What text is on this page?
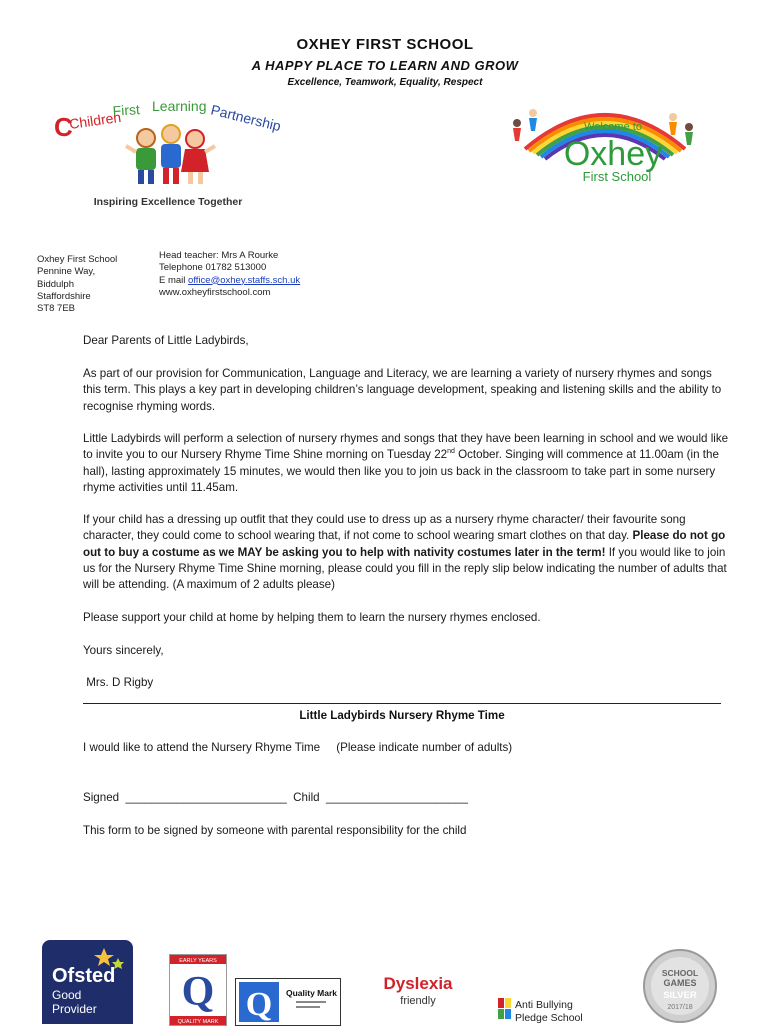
OXHEY FIRST SCHOOL
A HAPPY PLACE TO LEARN AND GROW
Excellence, Teamwork, Equality, Respect
C
Children
First Learning Partnership
Inspiring Excellence Together
Welcome to
Oxhey
First School
Oxhey First School
Pennine Way,
Biddulph
Staffordshire
ST8 7EB
Head teacher: Mrs A Rourke
Telephone 01782 513000
E mail office@oxhey.staffs.sch.uk
www.oxheyfirstschool.com
Dear Parents of Little Ladybirds,

As part of our provision for Communication, Language and Literacy, we are learning a variety of nursery rhymes and songs this term. This plays a key part in developing children’s language development, speaking and listening skills and the ability to recognise rhyming words.

Little Ladybirds will perform a selection of nursery rhymes and songs that they have been learning in school and we would like to invite you to our Nursery Rhyme Time Shine morning on Tuesday 22nd October. Singing will commence at 11.00am (in the hall), lasting approximately 15 minutes, we would then like you to join us back in the classroom to take part in some nursery rhyme activities until 11.45am.

If your child has a dressing up outfit that they could use to dress up as a nursery rhyme character/ their favourite song character, they could come to school wearing that, if not come to school wearing smart clothes on that day. Please do not go out to buy a costume as we MAY be asking you to help with nativity costumes later in the term! If you would like to join us for the Nursery Rhyme Time Shine morning, please could you fill in the reply slip below indicating the number of adults that will be attending. (A maximum of 2 adults please)

Please support your child at home by helping them to learn the nursery rhymes enclosed.
Yours sincerely,
Mrs. D Rigby
Little Ladybirds Nursery Rhyme Time
I would like to attend the Nursery Rhyme Time     (Please indicate number of adults)
Signed  _________________________  Child  ______________________
This form to be signed by someone with parental responsibility for the child
Ofsted
Good
Provider
EARLY YEARS
Q
QUALITY MARK Q Quality Mark	Dyslexia
friendly	Anti Bullying
Pledge School
SCHOOL
GAMES
SILVER
2017/18
